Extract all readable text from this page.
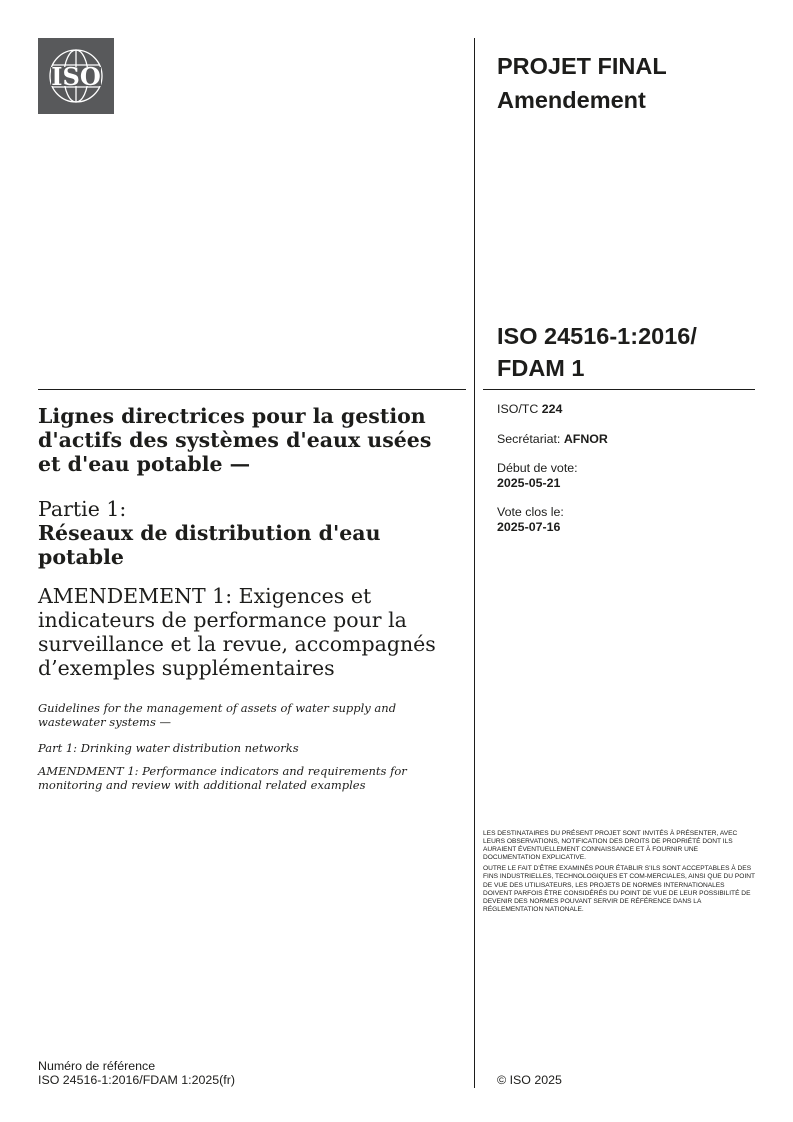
ISO	PROJET FINAL
Amendement
ISO 24516-1:2016/
FDAM 1
ISO/TC 224
Secrétariat: AFNOR
Début de vote:
2025-05-21
Vote clos le:
2025-07-16
Lignes directrices pour la gestion d'actifs des systèmes d'eaux usées et d'eau potable —
Partie 1:
Réseaux de distribution d'eau potable
AMENDEMENT 1: Exigences et indicateurs de performance pour la surveillance et la revue, accompagnés d’exemples supplémentaires
Guidelines for the management of assets of water supply and wastewater systems —
Part 1: Drinking water distribution networks
AMENDMENT 1: Performance indicators and requirements for monitoring and review with additional related examples

LES DESTINATAIRES DU PRÉSENT PROJET SONT INVITÉS À PRÉSENTER, AVEC LEURS OBSERVATIONS, NOTIFICATION DES DROITS DE PROPRIÉTÉ DONT ILS AURAIENT ÉVENTUELLEMENT CONNAISSANCE ET À FOURNIR UNE DOCUMENTATION EXPLICATIVE.

OUTRE LE FAIT D’ÊTRE EXAMINÉS POUR ÉTABLIR S’ILS SONT ACCEPTABLES À DES FINS INDUSTRIELLES, TECHNOLOGIQUES ET COM-MERCIALES, AINSI QUE DU POINT DE VUE DES UTILISATEURS, LES PROJETS DE NORMES INTERNATIONALES DOIVENT PARFOIS ÊTRE CONSIDÉRÉS DU POINT DE VUE DE LEUR POSSIBILITÉ DE DEVENIR DES NORMES POUVANT SERVIR DE RÉFÉRENCE DANS LA RÉGLEMENTATION NATIONALE.

Numéro de référence
ISO 24516-1:2016/FDAM 1:2025(fr)	© ISO 2025
